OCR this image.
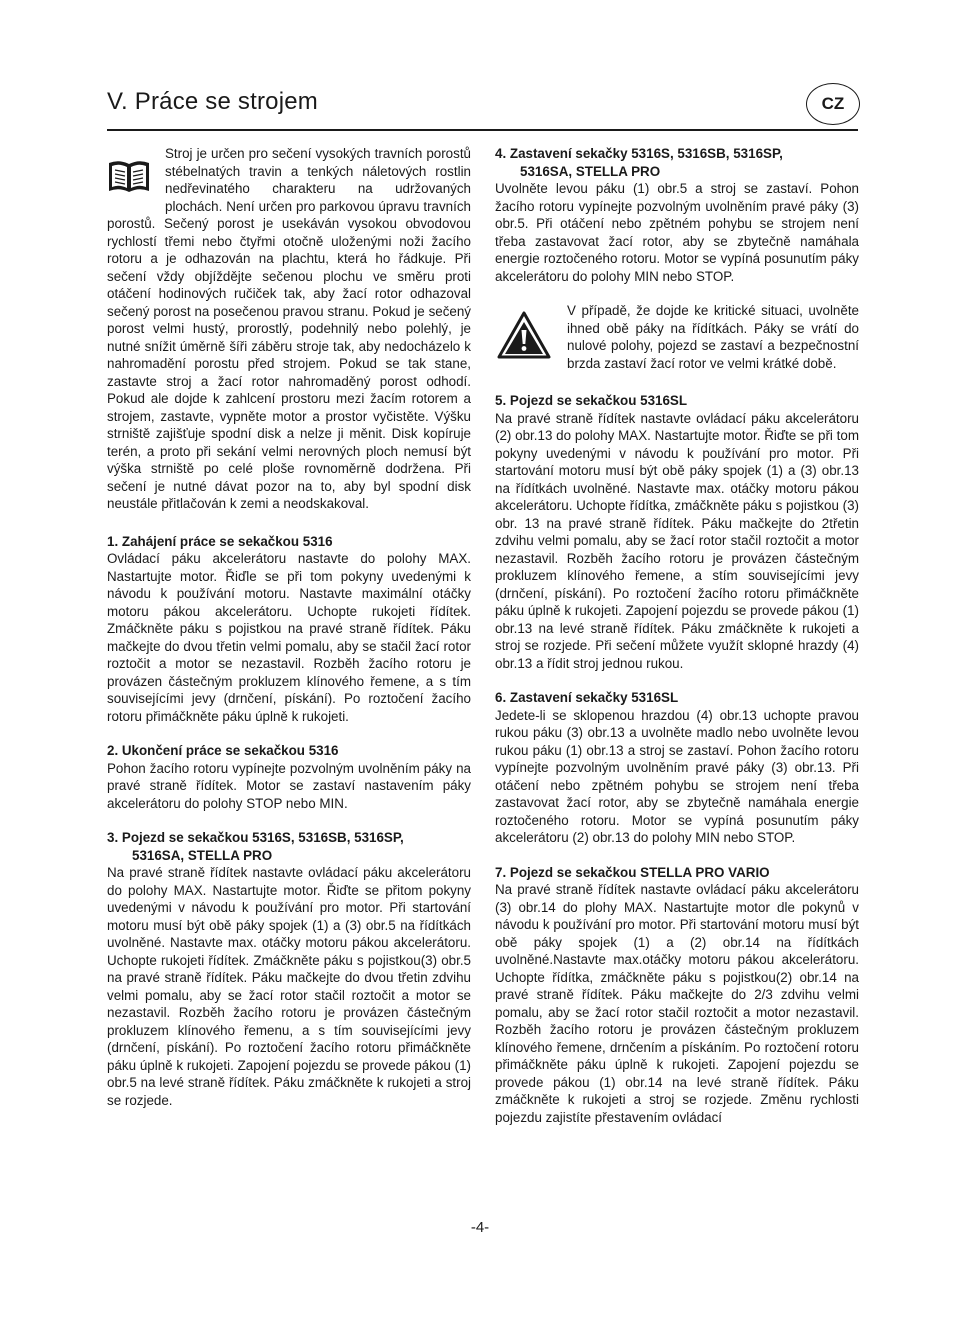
V. Práce se strojem	CZ

Stroj je určen pro sečení vysokých travních porostů stébelnatých travin a tenkých náletových rostlin nedřevinatého charakteru na udržovaných plochách. Není určen pro parkovou úpravu travních porostů. Sečený porost je usekáván vysokou obvodovou rychlostí třemi nebo čtyřmi otočně uloženými noži žacího rotoru a je odhazován na plachtu, která ho řádkuje. Při sečení vždy objíždějte sečenou plochu ve směru proti otáčení hodinových ručiček tak, aby žací rotor odhazoval sečený porost na posečenou pravou stranu. Pokud je sečený porost velmi hustý, prorostlý, podehnilý nebo polehlý, je nutné snížit úměrně šíři záběru stroje tak, aby nedocházelo k nahromadění porostu před strojem. Pokud se tak stane, zastavte stroj a žací rotor nahromaděný porost odhodí. Pokud ale dojde k zahlcení prostoru mezi žacím rotorem a strojem, zastavte, vypněte motor a prostor vyčistěte. Výšku strniště zajišťuje spodní disk a nelze ji měnit. Disk kopíruje terén, a proto při sekání velmi nerovných ploch nemusí být výška strniště po celé ploše rovnoměrně dodržena. Při sečení je nutné dávat pozor na to, aby byl spodní disk neustále přitlačován k zemi a neodskakoval.

1. Zahájení práce se sekačkou 5316

Ovládací páku akcelerátoru nastavte do polohy MAX. Nastartujte motor. Řiďle se při tom pokyny uvedenými k návodu k používání motoru. Nastavte maximální otáčky motoru pákou akcelerátoru. Uchopte rukojeti řídítek. Zmáčkněte páku s pojistkou na pravé straně řídítek. Páku mačkejte do dvou třetin velmi pomalu, aby se stačil žací rotor roztočit a motor se nezastavil. Rozběh žacího rotoru je provázen částečným prokluzem klínového řemene, a s tím souvisejícími jevy (drnčení, pískání). Po roztočení žacího rotoru přimáčkněte páku úplně k rukojeti.

2. Ukončení práce se sekačkou 5316

Pohon žacího rotoru vypínejte pozvolným uvolněním páky na pravé straně řídítek. Motor se zastaví nastavením páky akcelerátoru do polohy STOP nebo MIN.

3. Pojezd se sekačkou 5316S, 5316SB, 5316SP,

5316SA, STELLA PRO

Na pravé straně řídítek nastavte ovládací páku akcelerátoru do polohy MAX. Nastartujte motor. Řiďte se přitom pokyny uvedenými v návodu k používání pro motor. Při startování motoru musí být obě páky spojek (1) a (3) obr.5 na řídítkách uvolněné. Nastavte max. otáčky motoru pákou akcelerátoru. Uchopte rukojeti řídítek. Zmáčkněte páku s pojistkou(3) obr.5 na pravé straně řídítek. Páku mačkejte do dvou třetin zdvihu velmi pomalu, aby se žací rotor stačil roztočit a motor se nezastavil. Rozběh žacího rotoru je provázen částečným prokluzem klínového řemenu, a s tím souvisejícími jevy (drnčení, pískání). Po roztočení žacího rotoru přimáčkněte páku úplně k rukojeti. Zapojení pojezdu se provede pákou (1) obr.5 na levé straně řídítek. Páku zmáčkněte k rukojeti a stroj se rozjede.

4. Zastavení sekačky 5316S, 5316SB, 5316SP,

5316SA, STELLA PRO

Uvolněte levou páku (1) obr.5 a stroj se zastaví. Pohon žacího rotoru vypínejte pozvolným uvolněním pravé páky (3) obr.5. Při otáčení nebo zpětném pohybu se strojem není třeba zastavovat žací rotor, aby se zbytečně namáhala energie roztočeného rotoru. Motor se vypíná posunutím páky akcelerátoru do polohy MIN nebo STOP.

V případě, že dojde ke kritické situaci, uvolněte ihned obě páky na řídítkách. Páky se vrátí do nulové polohy, pojezd se zastaví a bezpečnostní brzda zastaví žací rotor ve velmi krátké době.

5. Pojezd se sekačkou 5316SL

Na pravé straně řídítek nastavte ovládací páku akcelerátoru (2) obr.13 do polohy MAX. Nastartujte motor. Řiďte se při tom pokyny uvedenými v návodu k používání pro motor. Při startování motoru musí být obě páky spojek (1) a (3) obr.13 na řídítkách uvolněné. Nastavte max. otáčky motoru pákou akcelerátoru. Uchopte řídítka, zmáčkněte páku s pojistkou (3) obr. 13 na pravé straně řídítek. Páku mačkejte do 2třetin zdvihu velmi pomalu, aby se žací rotor stačil roztočit a motor nezastavil. Rozběh žacího rotoru je provázen částečným prokluzem klínového řemene, a stím souvisejícími jevy (drnčení, pískání). Po roztočení žacího rotoru přimáčkněte páku úplně k rukojeti. Zapojení pojezdu se provede pákou (1) obr.13 na levé straně řídítek. Páku zmáčkněte k rukojeti a stroj se rozjede. Při sečení můžete využít sklopné hrazdy (4) obr.13 a řídit stroj jednou rukou.

6. Zastavení sekačky 5316SL

Jedete-li se sklopenou hrazdou (4) obr.13 uchopte pravou rukou páku (3) obr.13 a uvolněte madlo nebo uvolněte levou rukou páku (1) obr.13 a stroj se zastaví. Pohon žacího rotoru vypínejte pozvolným uvolněním pravé páky (3) obr.13. Při otáčení nebo zpětném pohybu se strojem není třeba zastavovat žací rotor, aby se zbytečně namáhala energie roztočeného rotoru. Motor se vypíná posunutím páky akcelerátoru (2) obr.13 do polohy MIN nebo STOP.

7. Pojezd se sekačkou STELLA PRO VARIO

Na pravé straně řídítek nastavte ovládací páku akcelerátoru (3) obr.14 do plohy MAX. Nastartujte motor dle pokynů v návodu k používání pro motor. Při startování motoru musí být obě páky spojek (1) a (2) obr.14 na řídítkách uvolněné.Nastavte max.otáčky motoru pákou akcelerátoru. Uchopte řídítka, zmáčkněte páku s pojistkou(2) obr.14 na pravé straně řídítek. Páku mačkejte do 2/3 zdvihu velmi pomalu, aby se žací rotor stačil roztočit a motor nezastavil. Rozběh žacího rotoru je provázen částečným prokluzem klínového řemene, drnčením a pískáním. Po roztočení rotoru přimáčkněte páku úplně k rukojeti. Zapojení pojezdu se provede pákou (1) obr.14 na levé straně řídítek. Páku zmáčkněte k rukojeti a stroj se rozjede. Změnu rychlosti pojezdu zajistíte přestavením ovládací

-4-
